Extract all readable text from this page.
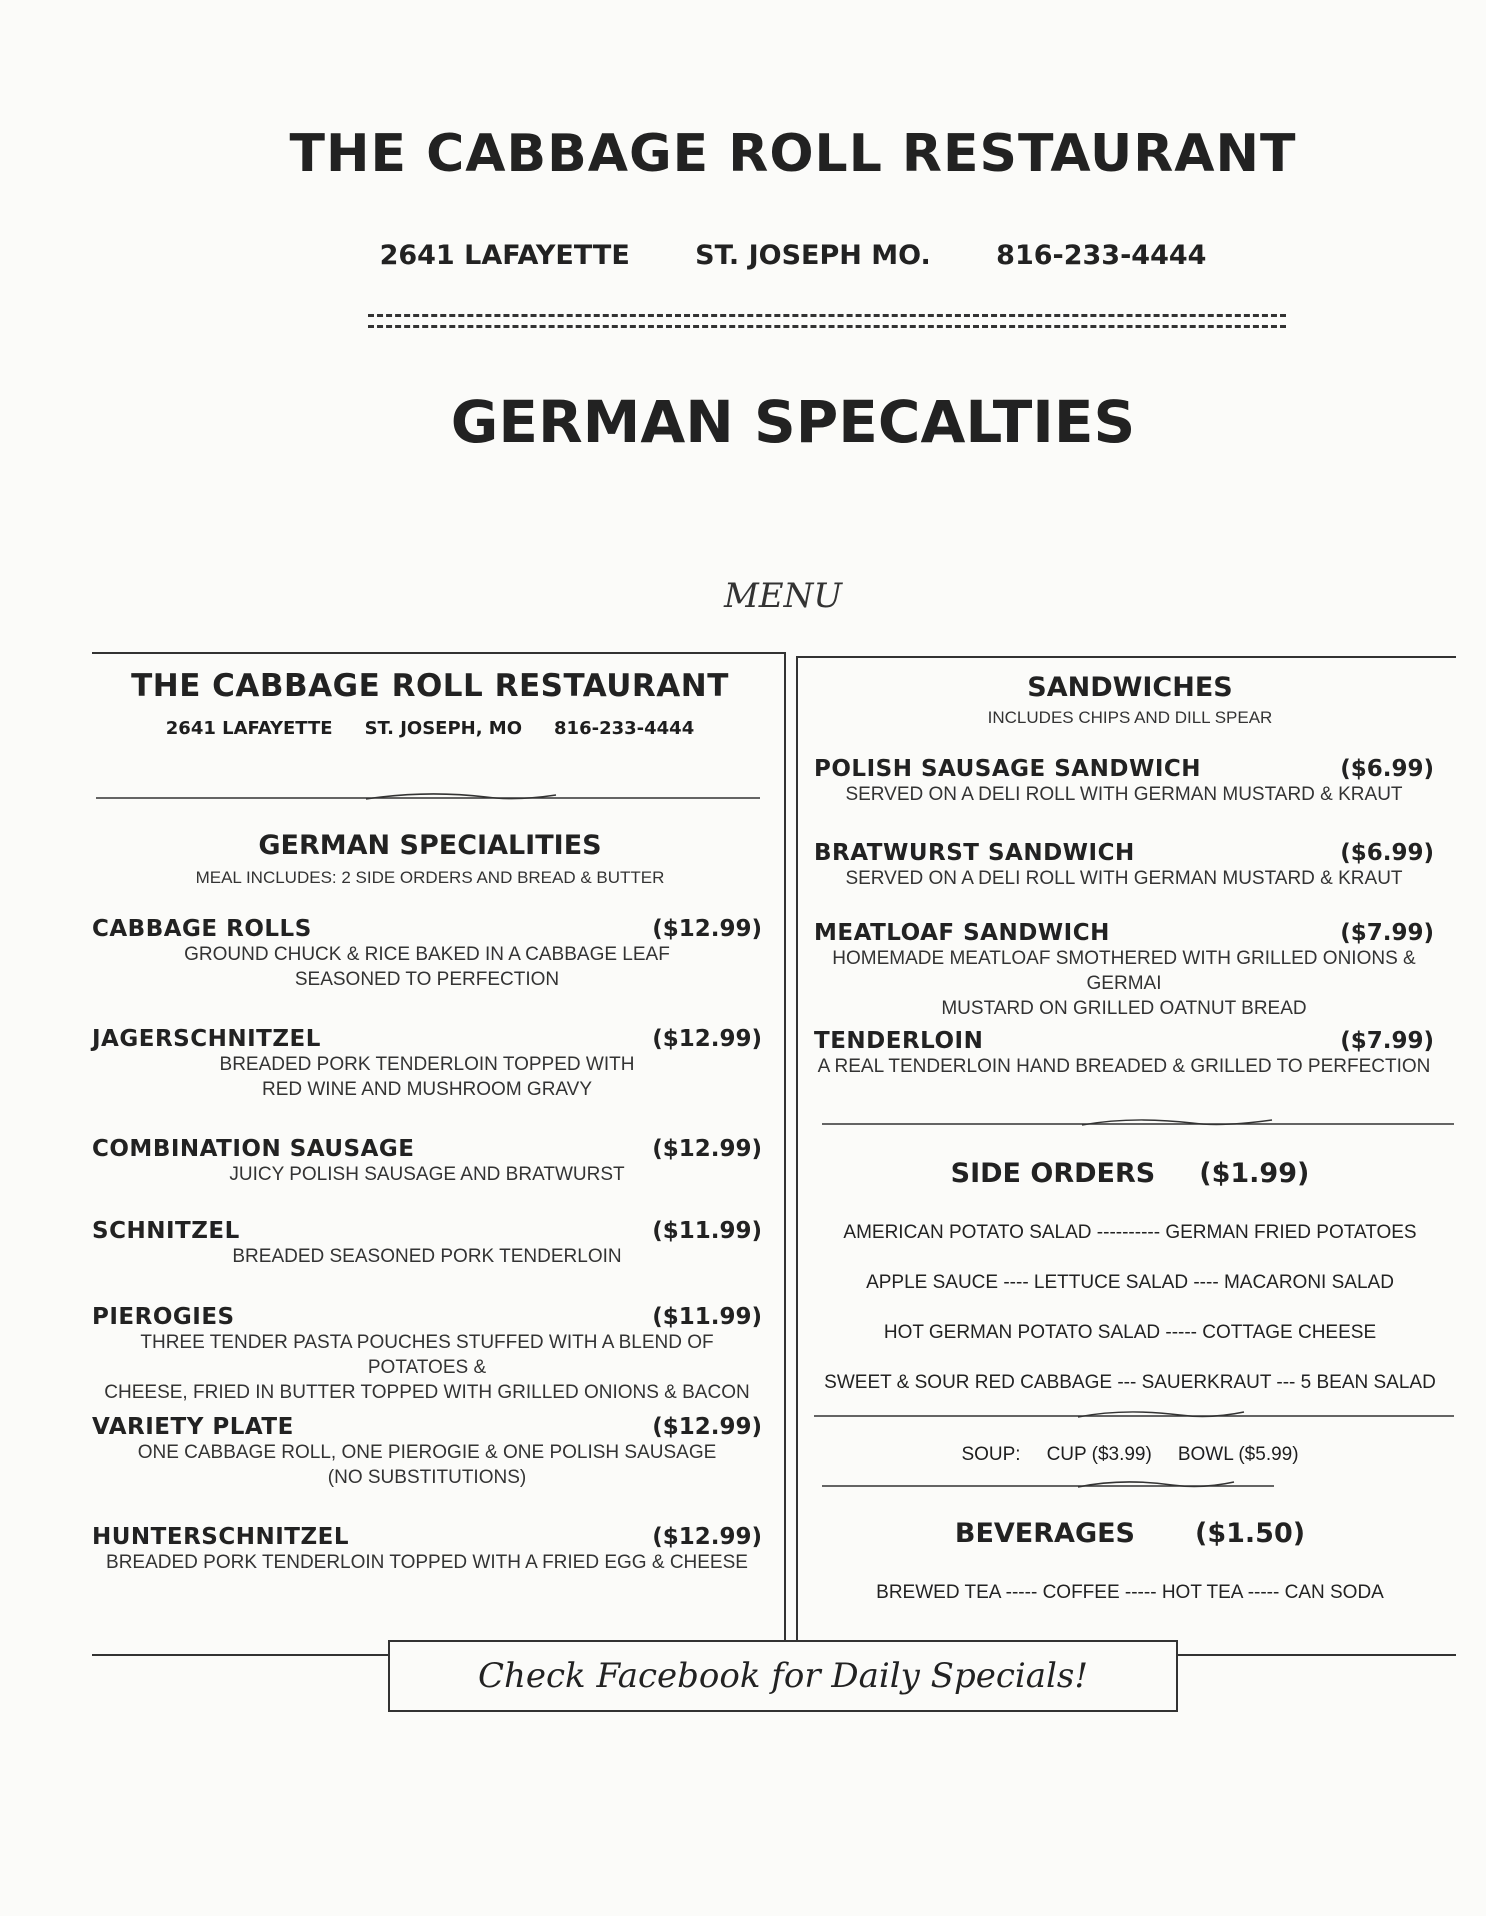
THE CABBAGE ROLL RESTAURANT
2641 LAFAYETTE ST. JOSEPH MO. 816-233-4444
GERMAN SPECALTIES
MENU
THE CABBAGE ROLL RESTAURANT
2641 LAFAYETTE ST. JOSEPH, MO 816-233-4444
GERMAN SPECIALITIES
MEAL INCLUDES: 2 SIDE ORDERS AND BREAD & BUTTER
CABBAGE ROLLS	($12.99)
GROUND CHUCK & RICE BAKED IN A CABBAGE LEAF
SEASONED TO PERFECTION
JAGERSCHNITZEL	($12.99)
BREADED PORK TENDERLOIN TOPPED WITH
RED WINE AND MUSHROOM GRAVY
COMBINATION SAUSAGE	($12.99)
JUICY POLISH SAUSAGE AND BRATWURST
SCHNITZEL	($11.99)
BREADED SEASONED PORK TENDERLOIN
PIEROGIES	($11.99)
THREE TENDER PASTA POUCHES STUFFED WITH A BLEND OF POTATOES &
CHEESE, FRIED IN BUTTER TOPPED WITH GRILLED ONIONS & BACON
VARIETY PLATE	($12.99)
ONE CABBAGE ROLL, ONE PIEROGIE & ONE POLISH SAUSAGE
(NO SUBSTITUTIONS)
HUNTERSCHNITZEL	($12.99)
BREADED PORK TENDERLOIN TOPPED WITH A FRIED EGG & CHEESE
SANDWICHES
INCLUDES CHIPS AND DILL SPEAR
POLISH SAUSAGE SANDWICH	($6.99)
SERVED ON A DELI ROLL WITH GERMAN MUSTARD & KRAUT
BRATWURST SANDWICH	($6.99)
SERVED ON A DELI ROLL WITH GERMAN MUSTARD & KRAUT
MEATLOAF SANDWICH	($7.99)
HOMEMADE MEATLOAF SMOTHERED WITH GRILLED ONIONS & GERMAI
MUSTARD ON GRILLED OATNUT BREAD
TENDERLOIN	($7.99)
A REAL TENDERLOIN HAND BREADED & GRILLED TO PERFECTION
SIDE ORDERS ($1.99)
AMERICAN POTATO SALAD ---------- GERMAN FRIED POTATOES
APPLE SAUCE ---- LETTUCE SALAD ---- MACARONI SALAD
HOT GERMAN POTATO SALAD ----- COTTAGE CHEESE
SWEET & SOUR RED CABBAGE --- SAUERKRAUT --- 5 BEAN SALAD
SOUP: CUP ($3.99) BOWL ($5.99)
BEVERAGES ($1.50)
BREWED TEA ----- COFFEE ----- HOT TEA ----- CAN SODA
Check Facebook for Daily Specials!
